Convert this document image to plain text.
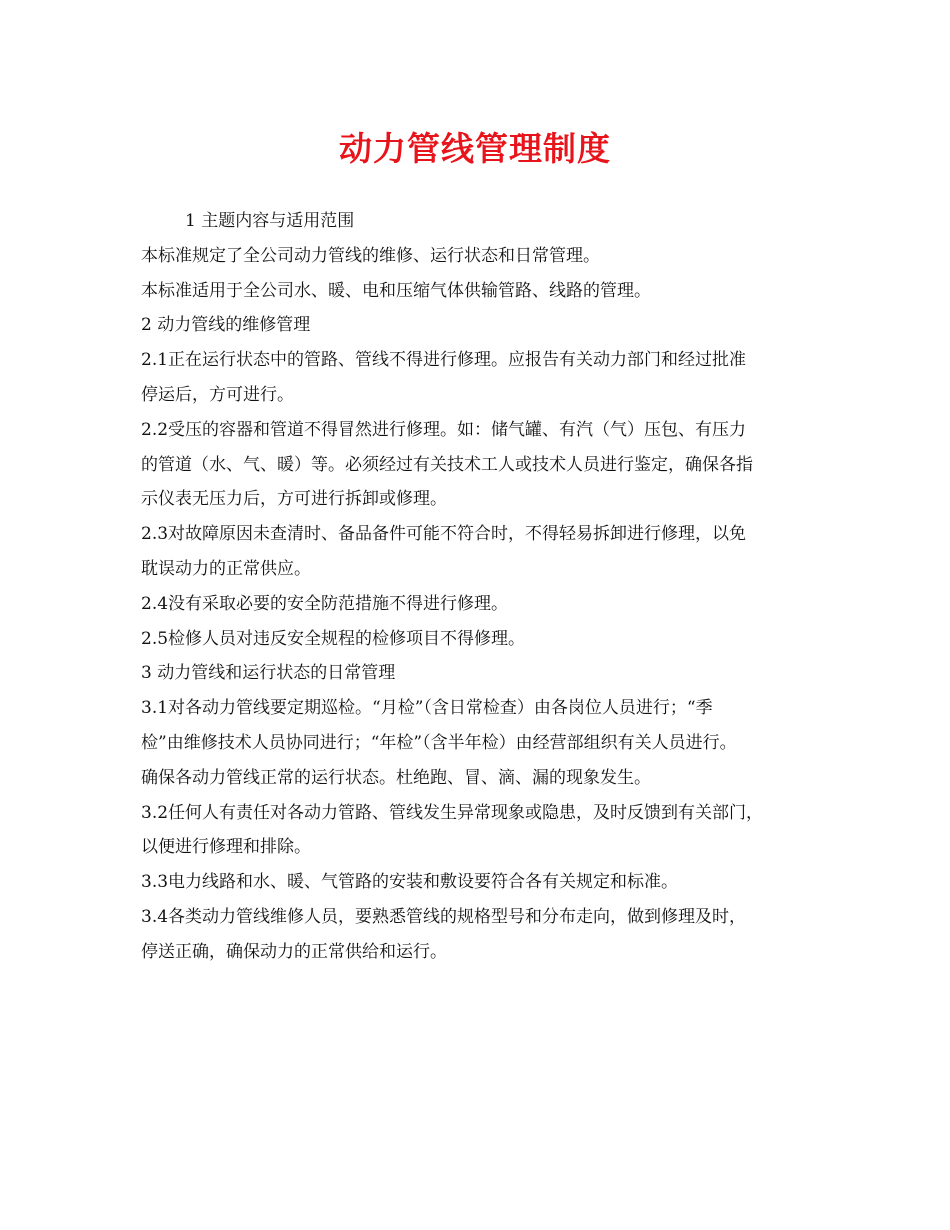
动力管线管理制度
1 主题内容与适用范围
本标准规定了全公司动力管线的维修、运行状态和日常管理。
本标准适用于全公司水、暖、电和压缩气体供输管路、线路的管理。
2 动力管线的维修管理
2.1正在运行状态中的管路、管线不得进行修理。应报告有关动力部门和经过批准
停运后，方可进行。
2.2受压的容器和管道不得冒然进行修理。如：储气罐、有汽（气）压包、有压力
的管道（水、气、暖）等。必须经过有关技术工人或技术人员进行鉴定，确保各指
示仪表无压力后，方可进行拆卸或修理。
2.3对故障原因未查清时、备品备件可能不符合时，不得轻易拆卸进行修理，以免
耽误动力的正常供应。
2.4没有采取必要的安全防范措施不得进行修理。
2.5检修人员对违反安全规程的检修项目不得修理。
3 动力管线和运行状态的日常管理
3.1对各动力管线要定期巡检。“月检”（含日常检查）由各岗位人员进行；“季
检”由维修技术人员协同进行；“年检”（含半年检）由经营部组织有关人员进行。
确保各动力管线正常的运行状态。杜绝跑、冒、滴、漏的现象发生。
3.2任何人有责任对各动力管路、管线发生异常现象或隐患，及时反馈到有关部门，
以便进行修理和排除。
3.3电力线路和水、暖、气管路的安装和敷设要符合各有关规定和标准。
3.4各类动力管线维修人员，要熟悉管线的规格型号和分布走向，做到修理及时，
停送正确，确保动力的正常供给和运行。
